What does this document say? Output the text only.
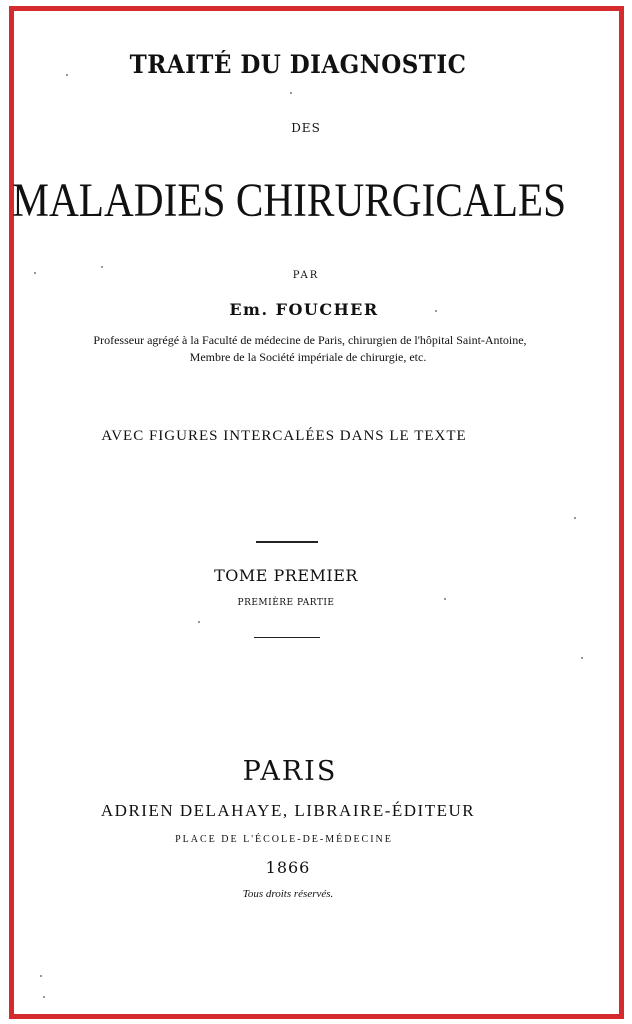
TRAITÉ DU DIAGNOSTIC
DES
MALADIES CHIRURGICALES
PAR
Em. FOUCHER
Professeur agrégé à la Faculté de médecine de Paris, chirurgien de l'hôpital Saint-Antoine,
Membre de la Société impériale de chirurgie, etc.
AVEC FIGURES INTERCALÉES DANS LE TEXTE
TOME PREMIER
PREMIÈRE PARTIE
PARIS
ADRIEN DELAHAYE, LIBRAIRE-ÉDITEUR
PLACE DE L'ÉCOLE-DE-MÉDECINE
1866
Tous droits réservés.
